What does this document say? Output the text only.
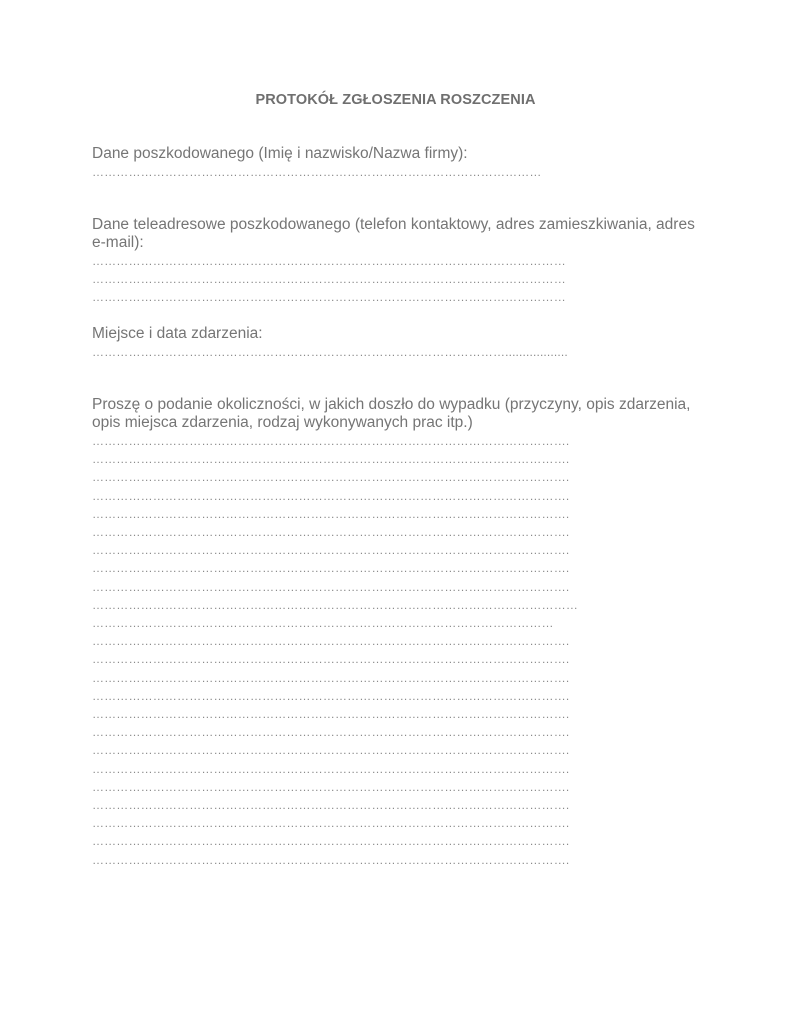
PROTOKÓŁ ZGŁOSZENIA ROSZCZENIA

Dane poszkodowanego (Imię i nazwisko/Nazwa firmy):

…………………………………………………………………………………………………

Dane teleadresowe poszkodowanego (telefon kontaktowy, adres zamieszkiwania, adres e-mail):

………………………………………………………………………………………………………

………………………………………………………………………………………………………

………………………………………………………………………………………………………

Miejsce i data zdarzenia:

…………………………………………………………………………………………..................

Proszę o podanie okoliczności, w jakich doszło do wypadku (przyczyny, opis zdarzenia, opis miejsca zdarzenia, rodzaj wykonywanych prac itp.)

……………………………………………………………………………………………………….

……………………………………………………………………………………………………….

……………………………………………………………………………………………………….

……………………………………………………………………………………………………….

……………………………………………………………………………………………………….

……………………………………………………………………………………………………….

……………………………………………………………………………………………………….

……………………………………………………………………………………………………….

……………………………………………………………………………………………………….

…………………………………………………………………………………………………………

……………………………………………………………………………………………………

……………………………………………………………………………………………………….

……………………………………………………………………………………………………….

……………………………………………………………………………………………………….

……………………………………………………………………………………………………….

……………………………………………………………………………………………………….

……………………………………………………………………………………………………….

……………………………………………………………………………………………………….

……………………………………………………………………………………………………….

……………………………………………………………………………………………………….

……………………………………………………………………………………………………….

……………………………………………………………………………………………………….

……………………………………………………………………………………………………….

……………………………………………………………………………………………………….
